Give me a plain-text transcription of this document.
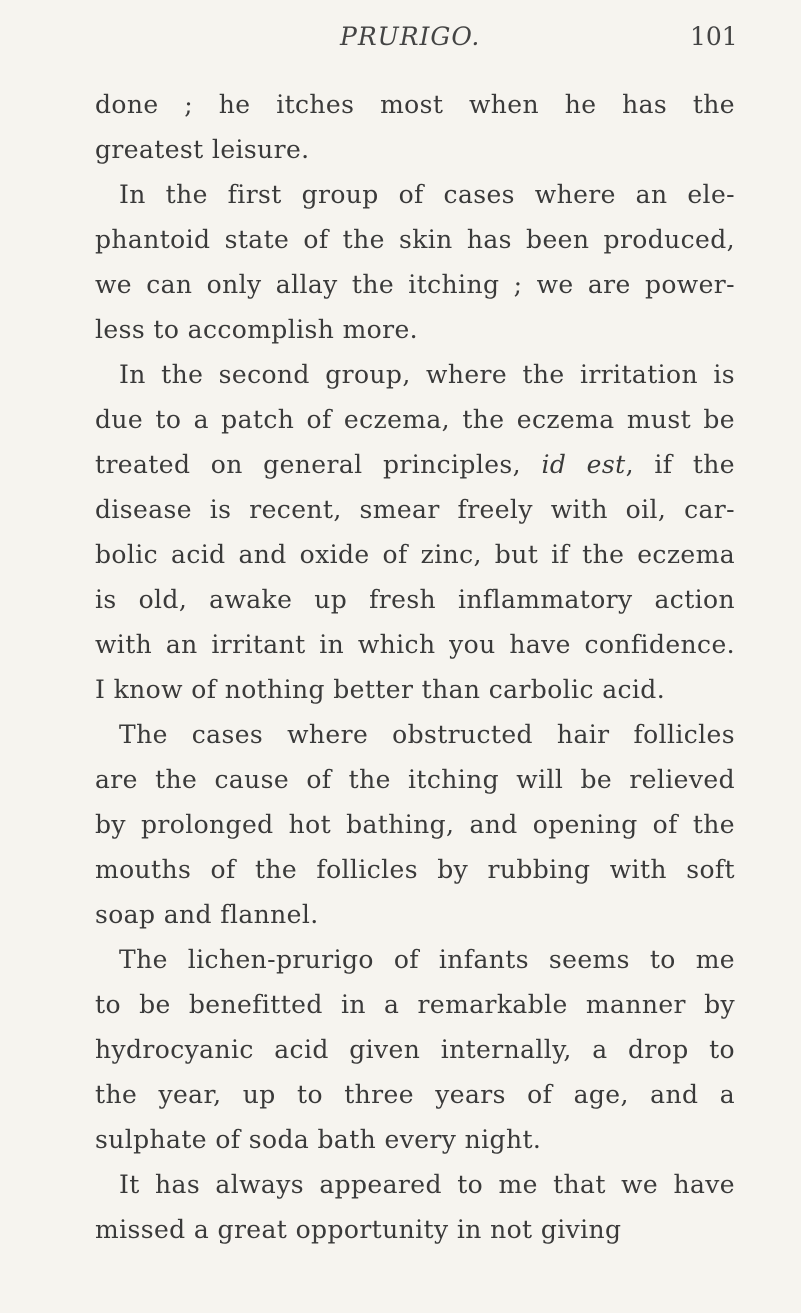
PRURIGO.	101
done ; he itches most when he has the
greatest leisure.
In the first group of cases where an ele-
phantoid state of the skin has been produced,
we can only allay the itching ; we are power-
less to accomplish more.
In the second group, where the irritation is
due to a patch of eczema, the eczema must be
treated on general principles, id est, if the
disease is recent, smear freely with oil, car-
bolic acid and oxide of zinc, but if the eczema
is old, awake up fresh inflammatory action
with an irritant in which you have confidence.
I know of nothing better than carbolic acid.
The cases where obstructed hair follicles
are the cause of the itching will be relieved
by prolonged hot bathing, and opening of the
mouths of the follicles by rubbing with soft
soap and flannel.
The lichen-prurigo of infants seems to me
to be benefitted in a remarkable manner by
hydrocyanic acid given internally, a drop to
the year, up to three years of age, and a
sulphate of soda bath every night.
It has always appeared to me that we have
missed a great opportunity in not giving
